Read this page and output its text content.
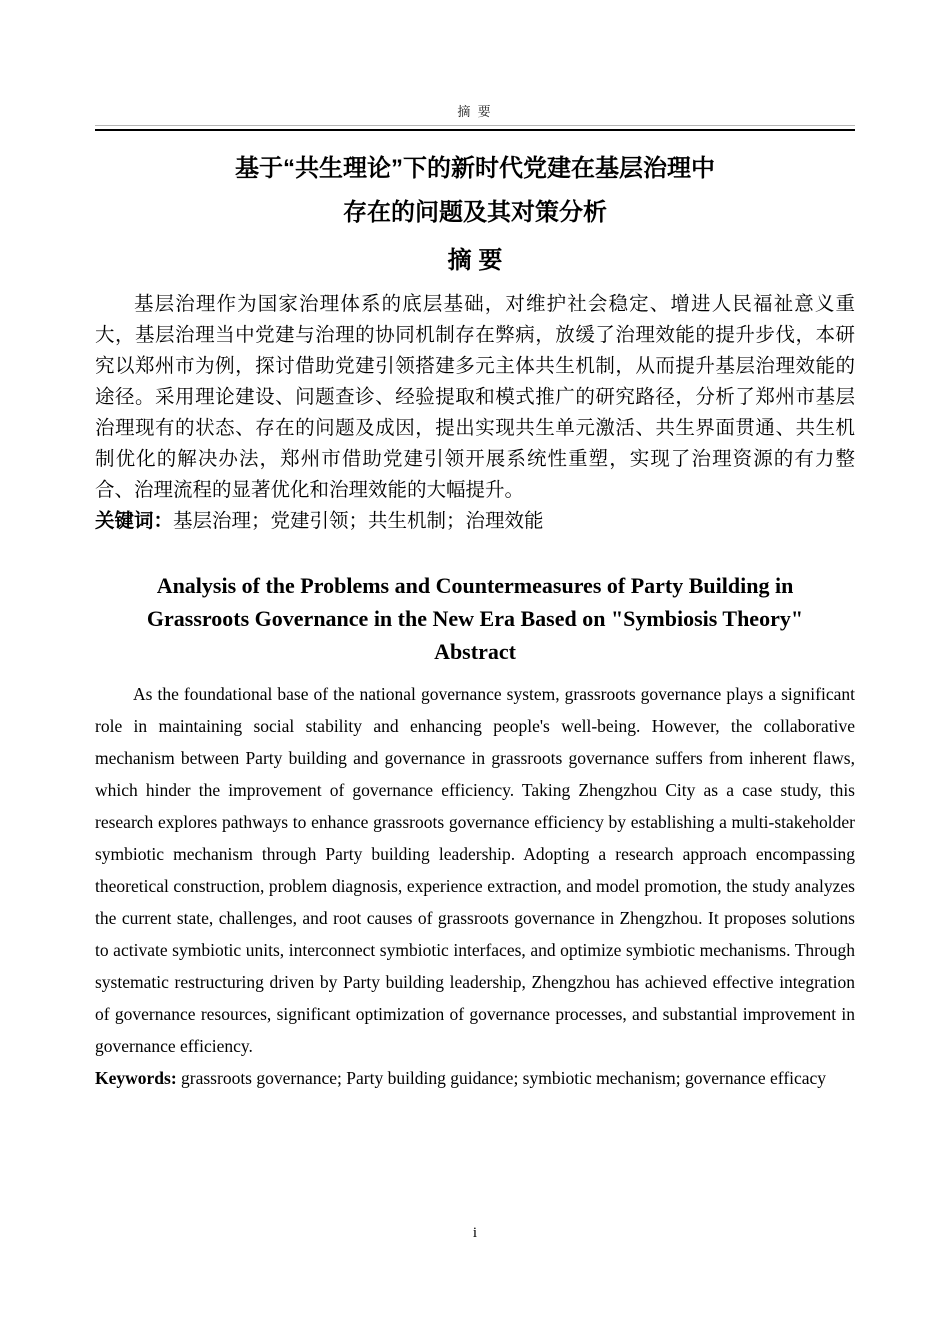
摘 要
基于“共生理论”下的新时代党建在基层治理中
存在的问题及其对策分析
摘 要

基层治理作为国家治理体系的底层基础，对维护社会稳定、增进人民福祉意义重大，基层治理当中党建与治理的协同机制存在弊病，放缓了治理效能的提升步伐，本研究以郑州市为例，探讨借助党建引领搭建多元主体共生机制，从而提升基层治理效能的途径。采用理论建设、问题查诊、经验提取和模式推广的研究路径，分析了郑州市基层治理现有的状态、存在的问题及成因，提出实现共生单元激活、共生界面贯通、共生机制优化的解决办法，郑州市借助党建引领开展系统性重塑，实现了治理资源的有力整合、治理流程的显著优化和治理效能的大幅提升。

关键词：基层治理；党建引领；共生机制；治理效能

Analysis of the Problems and Countermeasures of Party Building in
Grassroots Governance in the New Era Based on "Symbiosis Theory"
Abstract

As the foundational base of the national governance system, grassroots governance plays a significant role in maintaining social stability and enhancing people's well-being. However, the collaborative mechanism between Party building and governance in grassroots governance suffers from inherent flaws, which hinder the improvement of governance efficiency. Taking Zhengzhou City as a case study, this research explores pathways to enhance grassroots governance efficiency by establishing a multi-stakeholder symbiotic mechanism through Party building leadership. Adopting a research approach encompassing theoretical construction, problem diagnosis, experience extraction, and model promotion, the study analyzes the current state, challenges, and root causes of grassroots governance in Zhengzhou. It proposes solutions to activate symbiotic units, interconnect symbiotic interfaces, and optimize symbiotic mechanisms. Through systematic restructuring driven by Party building leadership, Zhengzhou has achieved effective integration of governance resources, significant optimization of governance processes, and substantial improvement in governance efficiency.

Keywords: grassroots governance; Party building guidance; symbiotic mechanism; governance efficacy

i
